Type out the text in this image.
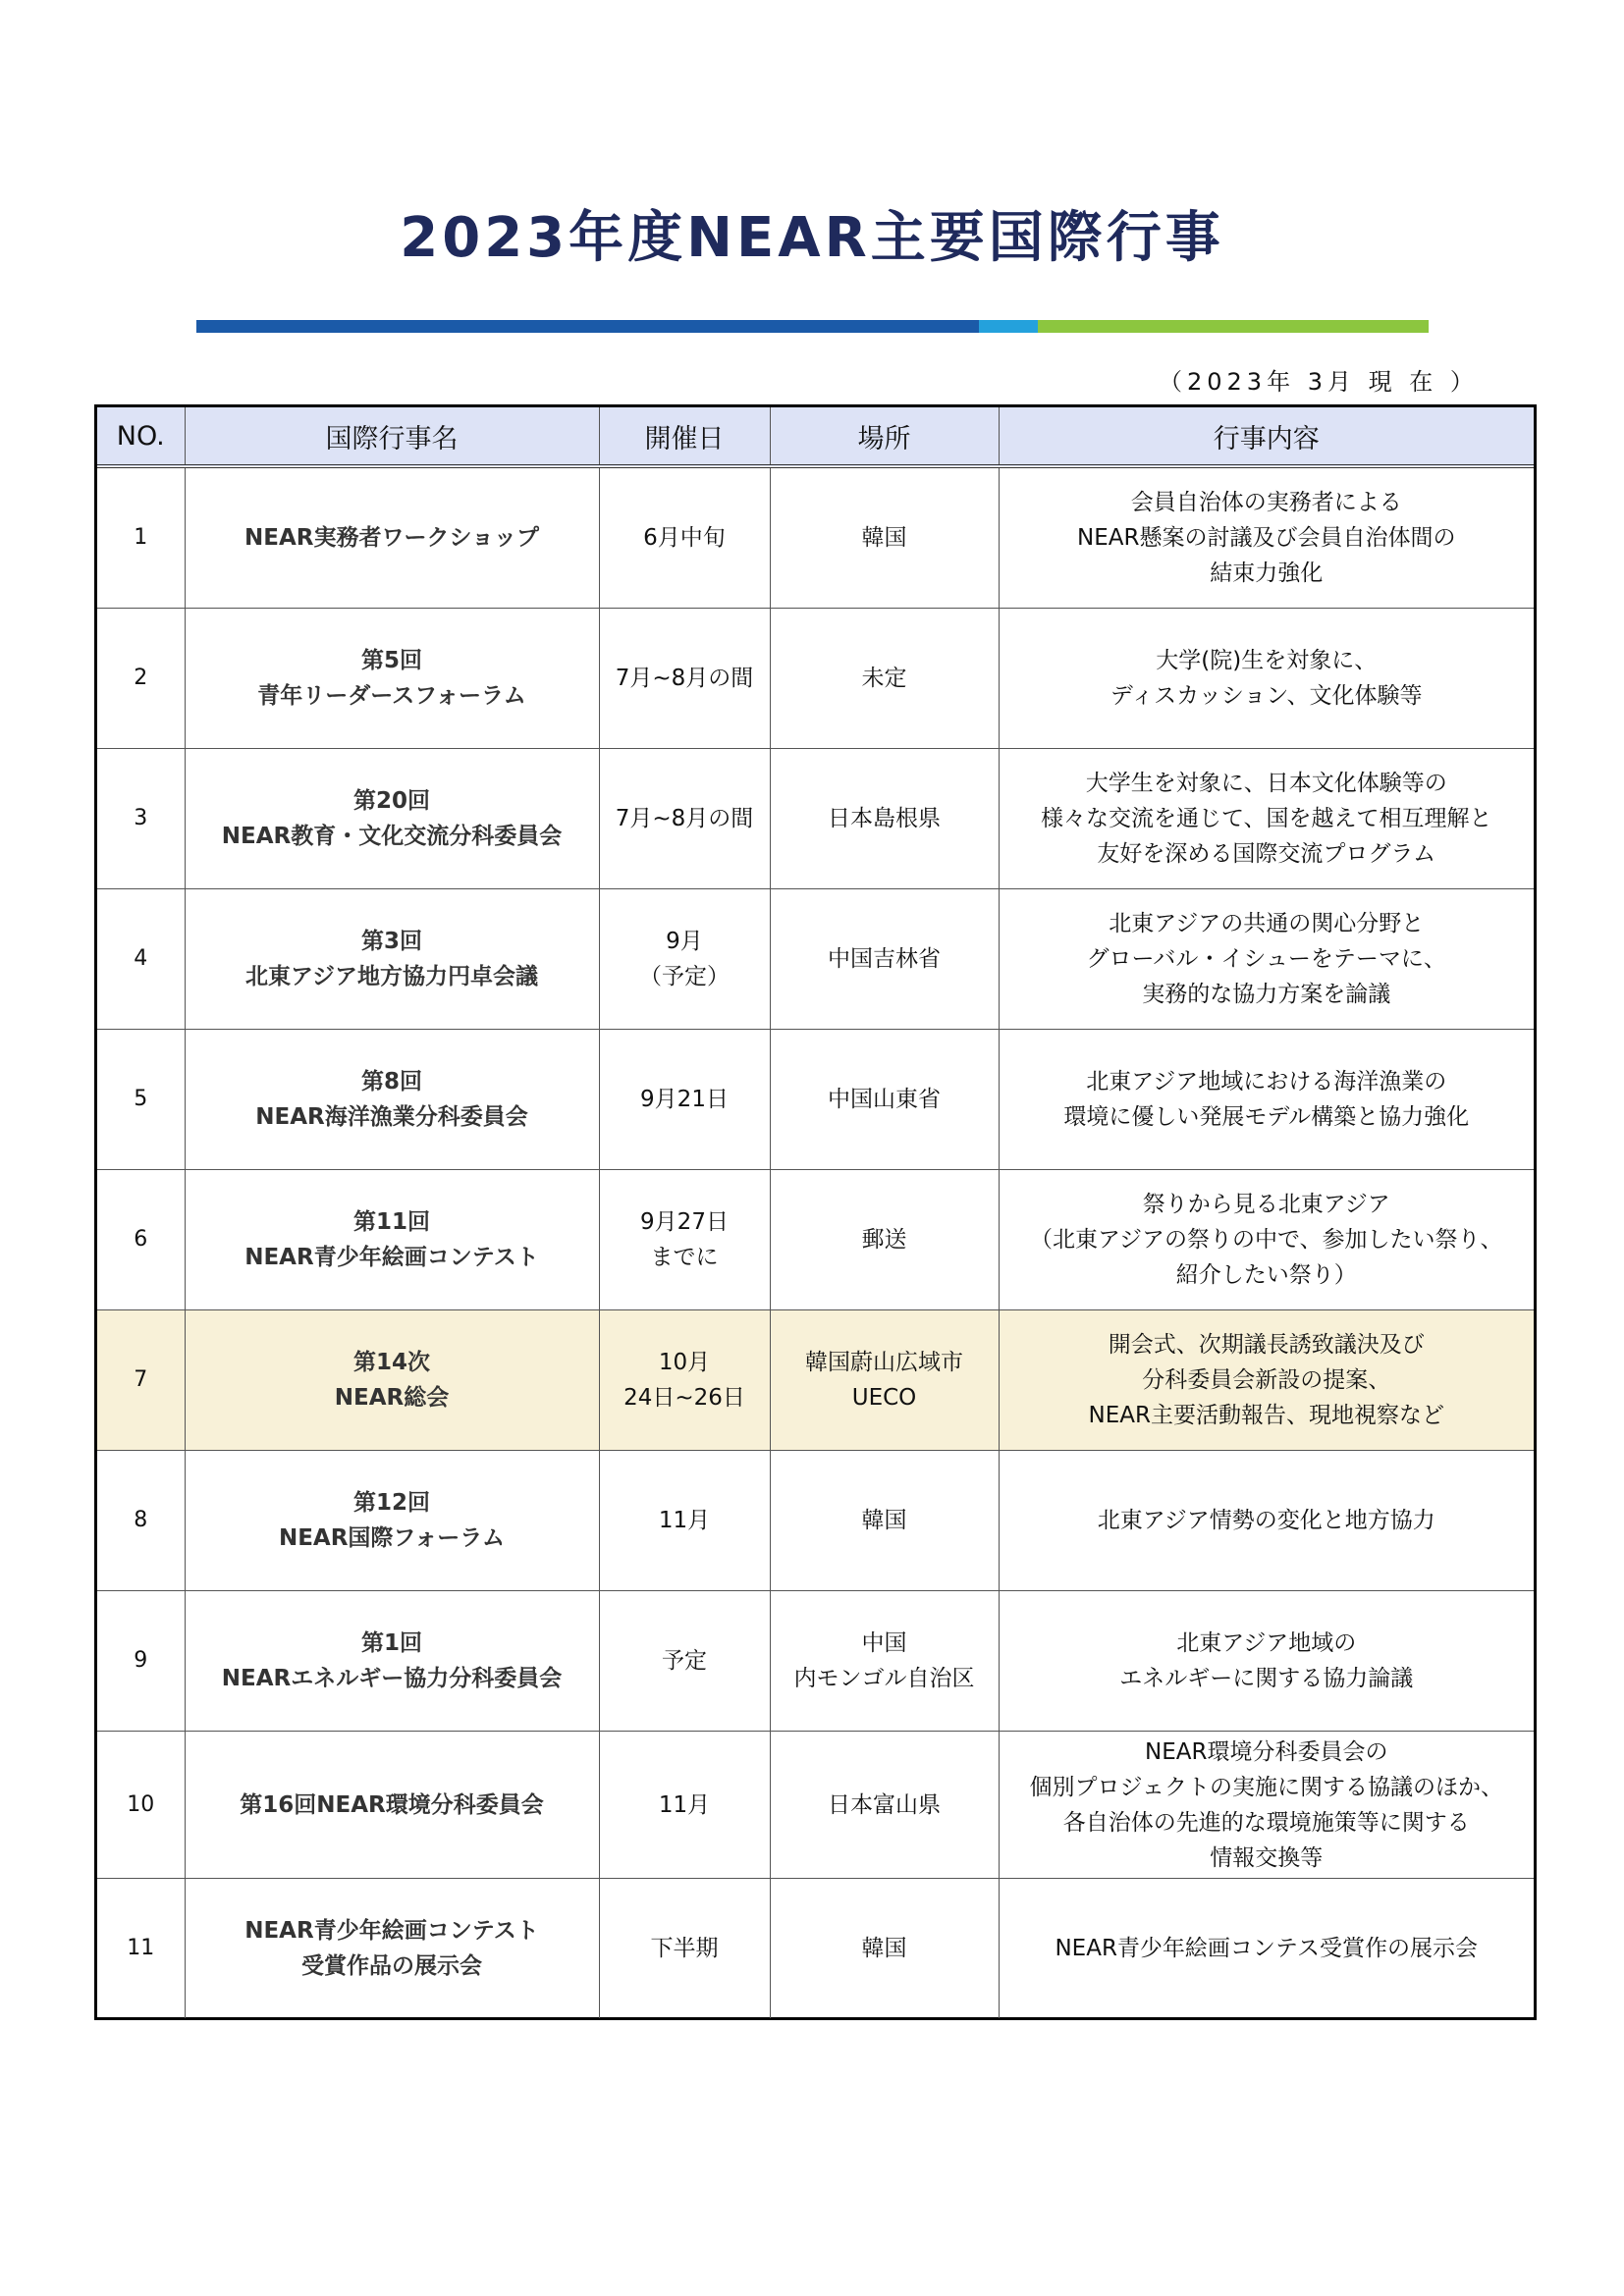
2023年度NEAR主要国際行事
（2023年 3月 現 在 ）
NO.	国際行事名	開催日	場所	行事内容
1	NEAR実務者ワークショップ	6月中旬	韓国	会員自治体の実務者による
NEAR懸案の討議及び会員自治体間の
結束力強化
2	第5回
青年リーダースフォーラム	7月~8月の間	未定	大学(院)生を対象に、
ディスカッション、文化体験等
3	第20回
NEAR教育・文化交流分科委員会	7月~8月の間	日本島根県	大学生を対象に、日本文化体験等の
様々な交流を通じて、国を越えて相互理解と
友好を深める国際交流プログラム
4	第3回
北東アジア地方協力円卓会議	9月
（予定）	中国吉林省	北東アジアの共通の関心分野と
グローバル・イシューをテーマに、
実務的な協力方案を論議
5	第8回
NEAR海洋漁業分科委員会	9月21日	中国山東省	北東アジア地域における海洋漁業の
環境に優しい発展モデル構築と協力強化
6	第11回
NEAR青少年絵画コンテスト	9月27日
までに	郵送	祭りから見る北東アジア
（北東アジアの祭りの中で、参加したい祭り、
紹介したい祭り）
7	第14次
NEAR総会	10月
24日~26日	韓国蔚山広域市
UECO	開会式、次期議長誘致議決及び
分科委員会新設の提案、
NEAR主要活動報告、現地視察など
8	第12回
NEAR国際フォーラム	11月	韓国	北東アジア情勢の変化と地方協力
9	第1回
NEARエネルギー協力分科委員会	予定	中国
内モンゴル自治区	北東アジア地域の
エネルギーに関する協力論議
10	第16回NEAR環境分科委員会	11月	日本富山県	NEAR環境分科委員会の
個別プロジェクトの実施に関する協議のほか、
各自治体の先進的な環境施策等に関する
情報交換等
11	NEAR青少年絵画コンテスト
受賞作品の展示会	下半期	韓国	NEAR青少年絵画コンテス受賞作の展示会
